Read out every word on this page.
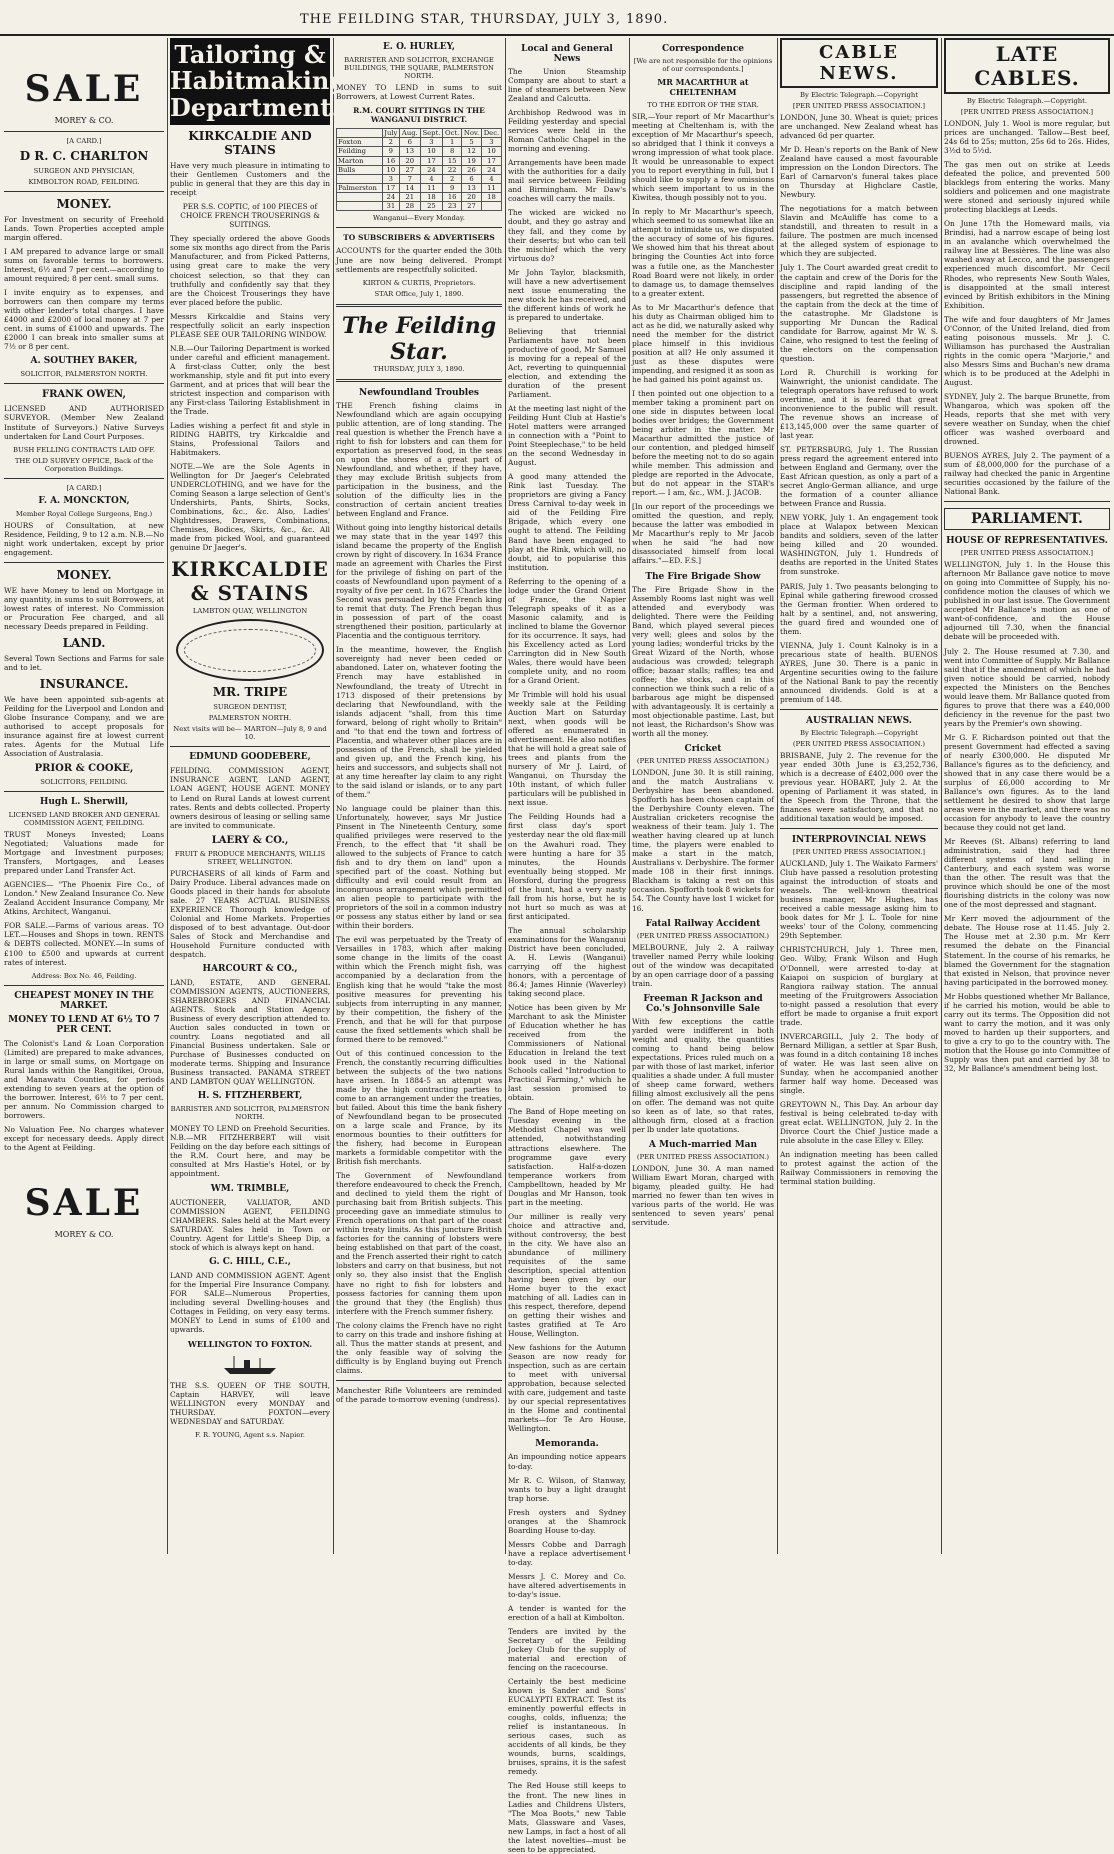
THE FEILDING STAR, THURSDAY, JULY 3, 1890.
SALE
MOREY & CO.
[A CARD.]
D R. C. CHARLTON
SURGEON AND PHYSICIAN,
KIMBOLTON ROAD, FEILDING.
MONEY.

For Investment on security of Freehold Lands. Town Properties accepted ample margin offered.

I AM prepared to advance large or small sums on favorable terms to borrowers. Interest, 6½ and 7 per cent.—according to amount required; 8 per cent. small sums.

I invite enquiry as to expenses, and borrowers can then compare my terms with other lender's total charges. I have £4000 and £2000 of local money at 7 per cent. in sums of £1000 and upwards. The £2000 I can break into smaller sums at 7½ or 8 per cent.

A. SOUTHEY BAKER,
SOLICITOR, PALMERSTON NORTH.
FRANK OWEN,

LICENSED AND AUTHORISED SURVEYOR. (Member New Zealand Institute of Surveyors.) Native Surveys undertaken for Land Court Purposes.

BUSH FELLING CONTRACTS LAID OFF.
THE OLD SURVEY OFFICE, Back of the Corporation Buildings.
[A CARD.]
F. A. MONCKTON,
Member Royal College Surgeons, Eng.)

HOURS of Consultation, at new Residence, Feilding, 9 to 12 a.m. N.B.—No night work undertaken, except by prior engagement.

MONEY.

WE have Money to lend on Mortgage in any quantity, in sums to suit Borrowers, at lowest rates of interest. No Commission or Procuration Fee charged, and all necessary Deeds prepared in Feilding.

LAND.

Several Town Sections and Farms for sale and to let.

INSURANCE.

We have been appointed sub-agents at Feilding for the Liverpool and London and Globe Insurance Company, and we are authorised to accept proposals for insurance against fire at lowest current rates. Agents for the Mutual Life Association of Australasia.

PRIOR & COOKE,
SOLICITORS, FEILDING.
Hugh L. Sherwill,
LICENSED LAND BROKER AND GENERAL COMMISSION AGENT, FEILDING.

TRUST Moneys Invested; Loans Negotiated; Valuations made for Mortgage and Investment purposes; Transfers, Mortgages, and Leases prepared under Land Transfer Act.

AGENCIES— "The Phoenix Fire Co., of London." New Zealand Insurance Co. New Zealand Accident Insurance Company, Mr Atkins, Architect, Wanganui.

FOR SALE.—Farms of various areas. TO LET.—Houses and Shops in town. RENTS & DEBTS collected. MONEY.—In sums of £100 to £500 and upwards at current rates of interest.

Address: Box No. 46, Feilding.
CHEAPEST MONEY IN THE MARKET.
MONEY TO LEND AT 6½ TO 7 PER CENT.

The Colonist's Land & Loan Corporation (Limited) are prepared to make advances, in large or small sums, on Mortgage on Rural lands within the Rangitikei, Oroua, and Manawatu Counties, for periods extending to seven years at the option of the borrower. Interest, 6½ to 7 per cent. per annum. No Commission charged to borrowers.

No Valuation Fee. No charges whatever except for necessary deeds. Apply direct to the Agent at Feilding.

SALE
MOREY & CO.
Tailoring & Habitmaking Department.
KIRKCALDIE AND STAINS

Have very much pleasure in intimating to their Gentlemen Customers and the public in general that they are this day in receipt

PER S.S. COPTIC, of 100 PIECES of CHOICE FRENCH TROUSERINGS & SUITINGS.

They specially ordered the above Goods some six months ago direct from the Paris Manufacturer, and from Picked Patterns, using great care to make the very choicest selection, so that they can truthfully and confidently say that they are the Choicest Trouserings they have ever placed before the public.

Messrs Kirkcaldie and Stains very respectfully solicit an early inspection PLEASE SEE OUR TAILORING WINDOW.

N.B.—Our Tailoring Department is worked under careful and efficient management. A first-class Cutter, only the best workmanship, style and fit put into every Garment, and at prices that will bear the strictest inspection and comparison with any First-class Tailoring Establishment in the Trade.

Ladies wishing a perfect fit and style in RIDING HABITS, try Kirkcaldie and Stains, Professional Tailors and Habitmakers.

NOTE.—We are the Sole Agents in Wellington for Dr Jaeger's Celebrated UNDERCLOTHING, and we have for the Coming Season a large selection of Gent's Undershirts, Pants, Shirts, Socks, Combinations, &c., &c. Also, Ladies' Nightdresses, Drawers, Combinations, Chemises, Bodices, Skirts, &c., &c. All made from picked Wool, and guaranteed genuine Dr Jaeger's.

KIRKCALDIE & STAINS
LAMBTON QUAY, WELLINGTON
MR. TRIPE
SURGEON DENTIST,
PALMERSTON NORTH.
Next visits will be— MARTON—July 8, 9 and 10.
EDMUND GOODEBERE,

FEILDING. COMMISSION AGENT, INSURANCE AGENT, LAND AGENT, LOAN AGENT, HOUSE AGENT. MONEY to Lend on Rural Lands at lowest current rates. Rents and debts collected. Property owners desirous of leasing or selling same are invited to communicate.

LAERY & CO.,
FRUIT & PRODUCE MERCHANTS, WILLIS STREET, WELLINGTON.

PURCHASERS of all kinds of Farm and Dairy Produce. Liberal advances made on Goods placed in their hands for absolute sale. 27 YEARS ACTUAL BUSINESS EXPERIENCE Thorough knowledge of Colonial and Home Markets. Properties disposed of to best advantage. Out-door Sales of Stock and Merchandise and Household Furniture conducted with despatch.

HARCOURT & CO.,

LAND, ESTATE, AND GENERAL COMMISSION AGENTS, AUCTIONEERS, SHAREBROKERS AND FINANCIAL AGENTS. Stock and Station Agency Business of every description attended to. Auction sales conducted in town or country. Loans negotiated and all Financial Business undertaken. Sale or Purchase of Businesses conducted on moderate terms. Shipping and Insurance Business transacted. PANAMA STREET AND LAMBTON QUAY WELLINGTON.

H. S. FITZHERBERT,
BARRISTER AND SOLICITOR, PALMERSTON NORTH.

MONEY TO LEND on Freehold Securities. N.B.—MR FITZHERBERT will visit Feilding on the day before each sittings of the R.M. Court here, and may be consulted at Mrs Hastie's Hotel, or by appointment.

WM. TRIMBLE,

AUCTIONEER, VALUATOR, AND COMMISSION AGENT, FEILDING CHAMBERS. Sales held at the Mart every SATURDAY. Sales held in Town or Country. Agent for Little's Sheep Dip, a stock of which is always kept on hand.

G. C. HILL, C.E.,

LAND AND COMMISSION AGENT. Agent for the Imperial Fire Insurance Company. FOR SALE—Numerous Properties, including several Dwelling-houses and Cottages in Feilding, on very easy terms. MONEY to Lend in sums of £100 and upwards.

WELLINGTON TO FOXTON.

THE S.S. QUEEN OF THE SOUTH, Captain HARVEY, will leave WELLINGTON every MONDAY and THURSDAY. FOXTON—every WEDNESDAY and SATURDAY.

F. R. YOUNG, Agent s.s. Napier.
E. O. HURLEY,
BARRISTER AND SOLICITOR, EXCHANGE BUILDINGS, THE SQUARE, PALMERSTON NORTH.

MONEY TO LEND in sums to suit Borrowers, at Lowest Current Rates.

R.M. COURT SITTINGS IN THE WANGANUI DISTRICT.
	July	Aug.	Sept.	Oct.	Nov.	Dec.
Foxton	2	6	3	1	5	3
Feilding	9	13	10	8	12	10
Marton	16	20	17	15	19	17
Bulls	10	27	24	22	26	24
	3	7	4	2	6	4
Palmerston	17	14	11	9	13	11
	24	21	18	16	20	18
	31	28	25	23	27	
Wanganui—Every Monday.
TO SUBSCRIBERS & ADVERTISERS

ACCOUNTS for the quarter ended the 30th June are now being delivered. Prompt settlements are respectfully solicited.

KIRTON & CURTIS, Proprietors.
STAR Office, July 1, 1890.
The Feilding Star.
THURSDAY, JULY 3, 1890.
Newfoundland Troubles

THE French fishing claims in Newfoundland which are again occupying public attention, are of long standing. The real question is whether the French have a right to fish for lobsters and can them for exportation as preserved food, in the seas on upon the shores of a great part of Newfoundland, and whether, if they have, they may exclude British subjects from participation in the business, and the solution of the difficulty lies in the construction of certain ancient treaties between England and France.

Without going into lengthy historical details we may state that in the year 1497 this island became the property of the English crown by right of discovery. In 1634 France made an agreement with Charles the First for the privilege of fishing on part of the coasts of Newfoundland upon payment of a royalty of five per cent. In 1675 Charles the Second was persuaded by the French king to remit that duty. The French began thus in possession of part of the coast strengthened their position, particularly at Placentia and the contiguous territory.

In the meantime, however, the English sovereignty had never been ceded or abandoned. Later on, whatever footing the French may have established in Newfoundland, the treaty of Utrecht in 1713 disposed of their pretensions by declaring that Newfoundland, with the islands adjacent "shall, from this time forward, belong of right wholly to Britain" and "to that end the town and fortress of Placentia, and whatever other places are in possession of the French, shall be yielded and given up, and the French king, his heirs and successors, and subjects shall not at any time hereafter lay claim to any right to the said island or islands, or to any part of them."

No language could be plainer than this. Unfortunately, however, says Mr Justice Pinsent in The Nineteenth Century, some qualified privileges were reserved to the French, to the effect that "it shall be allowed to the subjects of France to catch fish and to dry them on land" upon a specified part of the coast. Nothing but difficulty and evil could result from an incongruous arrangement which permitted an alien people to participate with the proprietors of the soil in a common industry or possess any status either by land or sea within their borders.

The evil was perpetuated by the Treaty of Versailles in 1783, which after making some change in the limits of the coast within which the French might fish, was accompanied by a declaration from the English king that he would "take the most positive measures for preventing his subjects from interrupting in any manner, by their competition, the fishery of the French, and that he will for that purpose cause the fixed settlements which shall be formed there to be removed."

Out of this continued concession to the French, the constantly recurring difficulties between the subjects of the two nations have arisen. In 1884-5 an attempt was made by the high contracting parties to come to an arrangement under the treaties, but failed. About this time the bank fishery of Newfoundland began to be prosecuted on a large scale and France, by its enormous bounties to their outfitters for the fishery, had become in European markets a formidable competitor with the British fish merchants.

The Government of Newfoundland therefore endeavoured to check the French, and declined to yield them the right of purchasing bait from British subjects. This proceeding gave an immediate stimulus to French operations on that part of the coast within treaty limits. As this juncture British factories for the canning of lobsters were being established on that part of the coast, and the French asserted their right to catch lobsters and carry on that business, but not only so, they also insist that the English have no right to fish for lobsters and possess factories for canning them upon the ground that they (the English) thus interfere with the French summer fishery.

The colony claims the French have no right to carry on this trade and inshore fishing at all. Thus the matter stands at present, and the only feasible way of solving the difficulty is by England buying out French claims.

Manchester Rifle Volunteers are reminded of the parade to-morrow evening (undress).

Local and General News

The Union Steamship Company are about to start a line of steamers between New Zealand and Calcutta.

Archbishop Redwood was in Feilding yesterday and special services were held in the Roman Catholic Chapel in the morning and evening.

Arrangements have been made with the authorities for a daily mail service between Feilding and Birmingham. Mr Daw's coaches will carry the mails.

The wicked are wicked no doubt, and they go astray and they fall, and they come by their deserts; but who can tell the mischief which the very virtuous do?

Mr John Taylor, blacksmith, will have a new advertisement next issue enumerating the new stock he has received, and the different kinds of work he is prepared to undertake.

Believing that triennial Parliaments have not been productive of good, Mr Samuel is moving for a repeal of the Act, reverting to quinquennial election, and extending the duration of the present Parliament.

At the meeting last night of the Feilding Hunt Club at Hastie's Hotel matters were arranged in connection with a "Point to Point Steeplechase," to be held on the second Wednesday in August.

A good many attended the Rink last Tuesday. The proprietors are giving a Fancy Dress Carnival to-day week in aid of the Feilding Fire Brigade, which every one ought to attend. The Feilding Band have been engaged to play at the Rink, which will, no doubt, aid to popularise this institution.

Referring to the opening of a lodge under the Grand Orient of France, the Napier Telegraph speaks of it as a Masonic calamity, and is inclined to blame the Governor for its occurrence. It says, had his Excellency acted as Lord Carrington did in New South Wales, there would have been complete unity, and no room for a Grand Orient.

Mr Trimble will hold his usual weekly sale at the Feilding Auction Mart on Saturday next, when goods will be offered as enumerated in advertisement. He also notifies that he will hold a great sale of trees and plants from the nursery of Mr J. Laird, of Wanganui, on Thursday the 10th instant, of which fuller particulars will be published in next issue.

The Feilding Hounds had a first class day's sport yesterday near the old flax-mill on the Awahuri road. They were hunting a hare for 35 minutes, the Hounds eventually being stopped. Mr Horsford, during the progress of the hunt, had a very nasty fall from his horse, but he is not hurt so much as was at first anticipated.

The annual scholarship examinations for the Wanganui District have been concluded, A. H. Lewis (Wanganui) carrying off the highest honors, with a percentage of 86.4; James Hinnie (Waverley) taking second place.

Notice has been given by Mr Marchant to ask the Minister of Education whether he has received from the Commissioners of National Education in Ireland the text book used in the National Schools called "Introduction to Practical Farming," which he last session promised to obtain.

The Band of Hope meeting on Tuesday evening in the Methodist Chapel was well attended, notwithstanding attractions elsewhere. The programme gave every satisfaction. Half-a-dozen temperance workers from Campbelltown, headed by Mr Douglas and Mr Hanson, took part in the meeting.

Our milliner is really very choice and attractive and, without controversy, the best in the city. We have also an abundance of millinery requisites of the same description, special attention having been given by our Home buyer to the exact matching of all. Ladies can in this respect, therefore, depend on getting their wishes and tastes gratified at Te Aro House, Wellington.

New fashions for the Autumn Season are now ready for inspection, such as are certain to meet with universal approbation, because selected with care, judgement and taste by our special representatives in the Home and continental markets—for Te Aro House, Wellington.

Memoranda.

An impounding notice appears to-day.

Mr R. C. Wilson, of Stanway, wants to buy a light draught trap horse.

Fresh oysters and Sydney oranges at the Shamrock Boarding House to-day.

Messrs Cobbe and Darragh have a replace advertisement to-day.

Messrs J. C. Morey and Co. have altered advertisements in to-day's issue.

A tender is wanted for the erection of a hall at Kimbolton.

Tenders are invited by the Secretary of the Feilding Jockey Club for the supply of material and erection of fencing on the racecourse.

Certainly the best medicine known is Sander and Sons' EUCALYPTI EXTRACT. Test its eminently powerful effects in coughs, colds, influenza; the relief is instantaneous. In serious cases, such as accidents of all kinds, be they wounds, burns, scaldings, bruises, sprains, it is the safest remedy.

The Red House still keeps to the front. The new lines in Ladies and Childrens Ulsters, "The Moa Boots," new Table Mats, Glassware and Vases, new Lamps, in fact a host of all the latest novelties—must be seen to be appreciated.

Correspondence
[We are not responsible for the opinions of our correspondents.]
MR MACARTHUR at CHELTENHAM
TO THE EDITOR OF THE STAR.

SIR,—Your report of Mr Macarthur's meeting at Cheltenham is, with the exception of Mr Macarthur's speech, so abridged that I think it conveys a wrong impression of what took place. It would be unreasonable to expect you to report everything in full, but I should like to supply a few omissions which seem important to us in the Kiwitea, though possibly not to you.

In reply to Mr Macarthur's speech, which seemed to us somewhat like an attempt to intimidate us, we disputed the accuracy of some of his figures. We showed him that his threat about bringing the Counties Act into force was a futile one, as the Manchester Road Board were not likely, in order to damage us, to damage themselves to a greater extent.

As to Mr Macarthur's defence that his duty as Chairman obliged him to act as he did, we naturally asked why need the member for the district place himself in this invidious position at all? He only assumed it just as these disputes were impending, and resigned it as soon as he had gained his point against us.

I then pointed out one objection to a member taking a prominent part on one side in disputes between local bodies over bridges; the Government being arbiter in the matter. Mr Macarthur admitted the justice of our contention, and pledged himself before the meeting not to do so again while member. This admission and pledge are reported in the Advocate, but do not appear in the STAR's report.— I am, &c., WM. J. JACOB.

[In our report of the proceedings we omitted the question, and reply, because the latter was embodied in Mr Macarthur's reply to Mr Jacob when he said "he had now disassociated himself from local affairs."—ED. F.S.]

The Fire Brigade Show

The Fire Brigade Show in the Assembly Rooms last night was well attended and everybody was delighted. There were the Feilding Band, which played several pieces very well; glees and solos by the young ladies; wonderful tricks by the Great Wizard of the North, whose audacious was crowded; telegraph office; bazaar stalls; raffles; tea and coffee; the stocks, and in this connection we think such a relic of a barbarous age might be dispensed with advantageously. It is certainly a most objectionable pastime. Last, but not least, the Richardson's Show was worth all the money.

Cricket
(PER UNITED PRESS ASSOCIATION.)

LONDON, June 30. It is still raining, and the match Australians v. Derbyshire has been abandoned. Spofforth has been chosen captain of the Derbyshire County eleven. The Australian cricketers recognise the weakness of their team. July 1. The weather having cleared up at lunch time, the players were enabled to make a start in the match, Australians v. Derbyshire. The former made 108 in their first innings. Blackham is taking a rest on this occasion. Spofforth took 8 wickets for 54. The County have lost 1 wicket for 16.

Fatal Railway Accident
(PER UNITED PRESS ASSOCIATION.)

MELBOURNE, July 2. A railway traveller named Perry while looking out of the window was decapitated by an open carriage door of a passing train.

Freeman R Jackson and Co.'s Johnsonville Sale

With few exceptions the cattle yarded were indifferent in both weight and quality, the quantities coming to hand being below expectations. Prices ruled much on a par with those of last market, inferior qualities a shade under. A full muster of sheep came forward, wethers filling almost exclusively all the pens on offer. The demand was not quite so keen as of late, so that rates, although firm, closed at a fraction per lb under late quotations.

A Much-married Man
(PER UNITED PRESS ASSOCIATION.)

LONDON, June 30. A man named William Ewart Moran, charged with bigamy, pleaded guilty. He had married no fewer than ten wives in various parts of the world. He was sentenced to seven years' penal servitude.

CABLE NEWS.
By Electric Telegraph.—Copyright
[PER UNITED PRESS ASSOCIATION.]

LONDON, June 30. Wheat is quiet; prices are unchanged. New Zealand wheat has advanced 6d per quarter.

Mr D. Hean's reports on the Bank of New Zealand have caused a most favourable impression on the London Directors. The Earl of Carnarvon's funeral takes place on Thursday at Highclare Castle, Newbury.

The negotiations for a match between Slavin and McAuliffe has come to a standstill, and threaten to result in a failure. The postmen are much incensed at the alleged system of espionage to which they are subjected.

July 1. The Court awarded great credit to the captain and crew of the Doris for the discipline and rapid landing of the passengers, but regretted the absence of the captain from the deck at the time of the catastrophe. Mr Gladstone is supporting Mr Duncan the Radical candidate for Barrow, against Mr W. S. Caine, who resigned to test the feeling of the electors on the compensation question.

Lord R. Churchill is working for Wainwright, the unionist candidate. The telegraph operators have refused to work overtime, and it is feared that great inconvenience to the public will result. The revenue shows an increase of £13,145,000 over the same quarter of last year.

ST. PETERSBURG, July 1. The Russian press regard the agreement entered into between England and Germany, over the East African question, as only a part of a secret Anglo-German alliance, and urge the formation of a counter alliance between France and Russia.

NEW YORK, July 1. An engagement took place at Walapox between Mexican bandits and soldiers, seven of the latter being killed and 20 wounded. WASHINGTON, July 1. Hundreds of deaths are reported in the United States from sunstroke.

PARIS, July 1. Two peasants belonging to Epinal while gathering firewood crossed the German frontier. When ordered to halt by a sentinel, and, not answering, the guard fired and wounded one of them.

VIENNA, July 1. Count Kalnoky is in a precarious state of health. BUENOS AYRES, June 30. There is a panic in Argentine securities owing to the failure of the National Bank to pay the recently announced dividends. Gold is at a premium of 148.

AUSTRALIAN NEWS.
By Electric Telegraph.—Copyright
(PER UNITED PRESS ASSOCIATION.)

BRISBANE, July 2. The revenue for the year ended 30th June is £3,252,736, which is a decrease of £402,000 over the previous year. HOBART, July 2. At the opening of Parliament it was stated, in the Speech from the Throne, that the finances were satisfactory, and that no additional taxation would be imposed.

INTERPROVINCIAL NEWS
[PER UNITED PRESS ASSOCIATION.]

AUCKLAND, July 1. The Waikato Farmers' Club have passed a resolution protesting against the introduction of stoats and weasels. The well-known theatrical business manager, Mr Hughes, has received a cable message asking him to book dates for Mr J. L. Toole for nine weeks' tour of the Colony, commencing 29th September.

CHRISTCHURCH, July 1. Three men, Geo. Wilby, Frank Wilson and Hugh O'Donnell, were arrested to-day at Kaiapoi on suspicion of burglary at Rangiora railway station. The annual meeting of the Fruitgrowers Association to-night passed a resolution that every effort be made to organise a fruit export trade.

INVERCARGILL, July 2. The body of Bernard Milligan, a settler at Spar Bush, was found in a ditch containing 18 inches of water. He was last seen alive on Sunday, when he accompanied another farmer half way home. Deceased was single.

GREYTOWN N., This Day. An arbour day festival is being celebrated to-day with great eclat. WELLINGTON, July 2. In the Divorce Court the Chief Justice made a rule absolute in the case Elley v. Elley.

An indignation meeting has been called to protest against the action of the Railway Commissioners in removing the terminal station building.

LATE CABLES.
By Electric Telegraph.—Copyright.
[PER UNITED PRESS ASSOCIATION.]

LONDON, July 1. Wool is more regular, but prices are unchanged. Tallow—Best beef, 24s 6d to 25s; mutton, 25s 6d to 26s. Hides, 3½d to 5½d.

The gas men out on strike at Leeds defeated the police, and prevented 500 blacklegs from entering the works. Many soldiers and policemen and one magistrate were stoned and seriously injured while protecting blacklegs at Leeds.

On June 17th the Homeward mails, via Brindisi, had a narrow escape of being lost in an avalanche which overwhelmed the railway line at Bessières. The line was also washed away at Lecco, and the passengers experienced much discomfort. Mr Cecil Rhodes, who represents New South Wales, is disappointed at the small interest evinced by British exhibitors in the Mining Exhibition.

The wife and four daughters of Mr James O'Connor, of the United Ireland, died from eating poisonous mussels. Mr J. C. Williamson has purchased the Australian rights in the comic opera "Marjorie," and also Messrs Sims and Buchan's new drama which is to be produced at the Adelphi in August.

SYDNEY, July 2. The barque Brunette, from Whangaroa, which was spoken off the Heads, reports that she met with very severe weather on Sunday, when the chief officer was washed overboard and drowned.

BUENOS AYRES, July 2. The payment of a sum of £8,000,000 for the purchase of a railway had checked the panic in Argentine securities occasioned by the failure of the National Bank.

PARLIAMENT.
HOUSE OF REPRESENTATIVES.
[PER UNITED PRESS ASSOCIATION.]

WELLINGTON, July 1. In the House this afternoon Mr Ballance gave notice to move on going into Committee of Supply, his no-confidence motion the clauses of which we published in our last issue. The Government accepted Mr Ballance's motion as one of want-of-confidence, and the House adjourned till 7.30, when the financial debate will be proceeded with.

July 2. The House resumed at 7.30, and went into Committee of Supply. Mr Ballance said that if the amendment of which he had given notice should be carried, nobody expected the Ministers on the Benches would leave them. Mr Ballance quoted from figures to prove that there was a £40,000 deficiency in the revenue for the past two years by the Premier's own showing.

Mr G. F. Richardson pointed out that the present Government had effected a saving of nearly £300,000. He disputed Mr Ballance's figures as to the deficiency, and showed that in any case there would be a surplus of £6,000 according to Mr Ballance's own figures. As to the land settlement he desired to show that large areas were in the market, and there was no occasion for anybody to leave the country because they could not get land.

Mr Reeves (St. Albans) referring to land administration, said they had three different systems of land selling in Canterbury, and each system was worse than the other. The result was that the province which should be one of the most flourishing districts in the colony was now one of the most depressed and stagnant.

Mr Kerr moved the adjournment of the debate. The House rose at 11.45. July 2. The House met at 2.30 p.m. Mr Kerr resumed the debate on the Financial Statement. In the course of his remarks, he blamed the Government for the stagnation that existed in Nelson, that province never having participated in the borrowed money.

Mr Hobbs questioned whether Mr Ballance, if he carried his motion, would be able to carry out its terms. The Opposition did not want to carry the motion, and it was only moved to harden up their supporters, and to give a cry to go to the country with. The motion that the House go into Committee of Supply was then put and carried by 38 to 32, Mr Ballance's amendment being lost.
